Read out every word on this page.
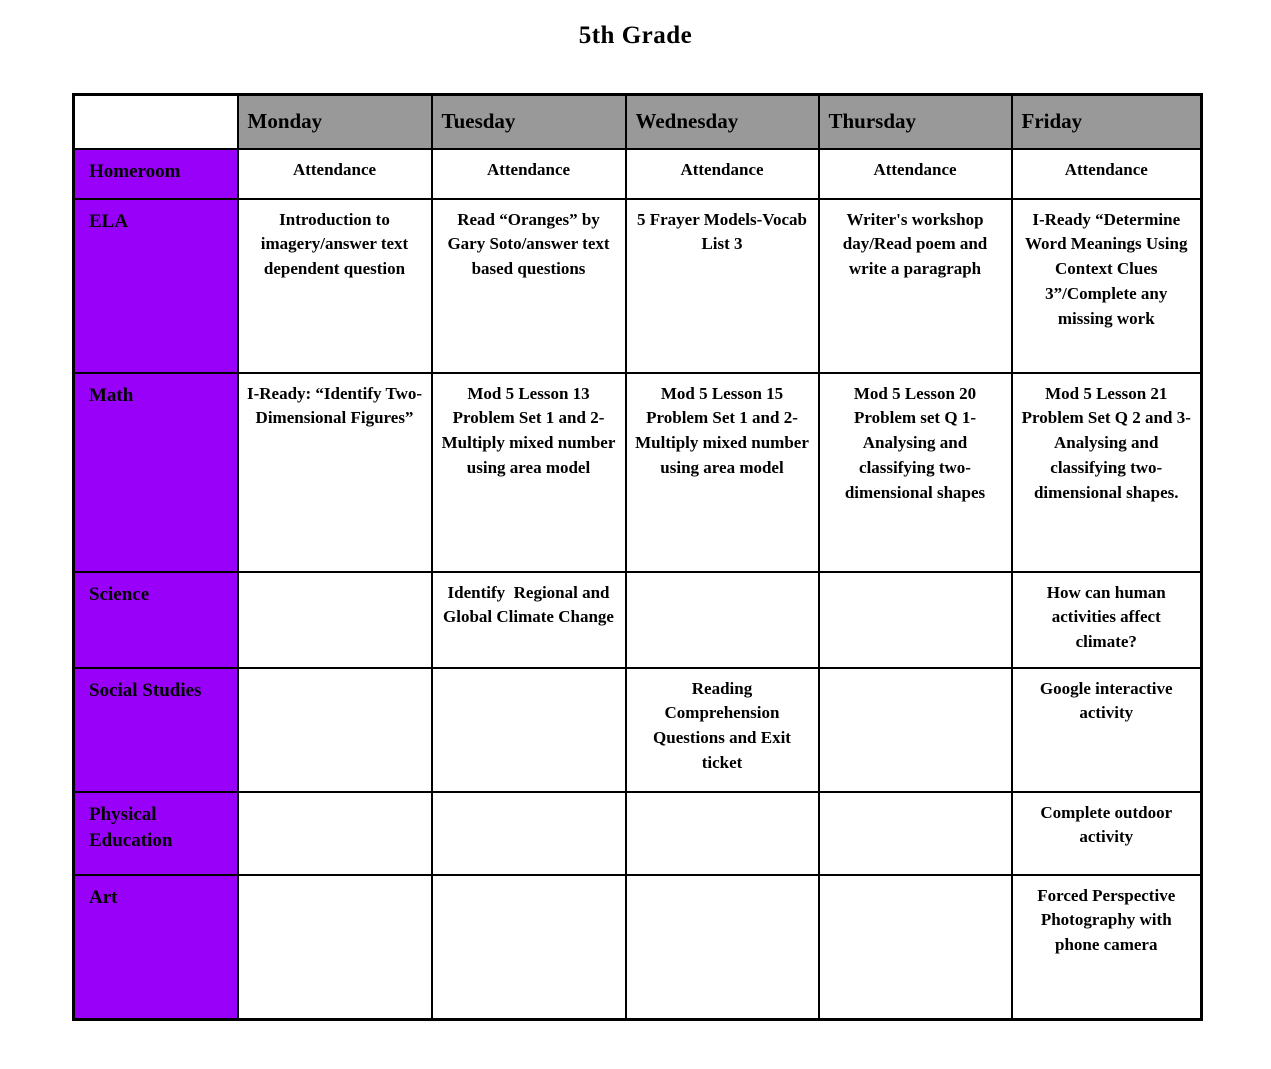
5th Grade
	Monday	Tuesday	Wednesday	Thursday	Friday
Homeroom	Attendance	Attendance	Attendance	Attendance	Attendance
ELA	Introduction to imagery/answer text dependent question	Read “Oranges” by Gary Soto/answer text based questions	5 Frayer Models-Vocab List 3	Writer's workshop day/Read poem and write a paragraph	I-Ready “Determine Word Meanings Using Context Clues 3”/Complete any missing work
Math	I-Ready: “Identify Two-Dimensional Figures”	Mod 5 Lesson 13 Problem Set 1 and 2-Multiply mixed number using area model	Mod 5 Lesson 15 Problem Set 1 and 2-Multiply mixed number using area model	Mod 5 Lesson 20 Problem set Q 1- Analysing and classifying two-dimensional shapes	Mod 5 Lesson 21 Problem Set Q 2 and 3- Analysing and classifying two-dimensional shapes.
Science		Identify  Regional and Global Climate Change			How can human activities affect climate?
Social Studies			Reading Comprehension Questions and Exit ticket		Google interactive activity
Physical Education					Complete outdoor activity
Art					Forced Perspective Photography with phone camera
